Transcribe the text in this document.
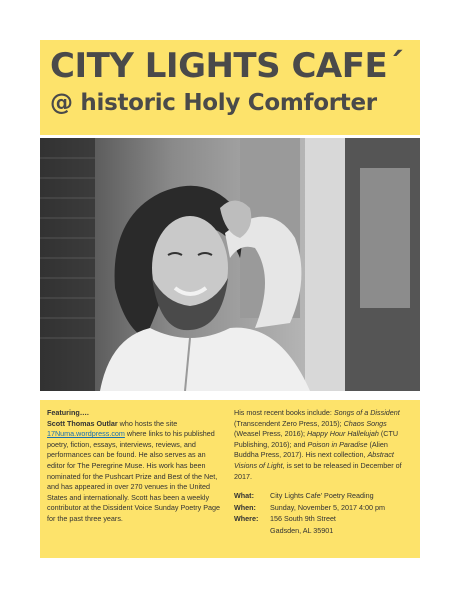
CITY LIGHTS CAFE´
@ historic Holy Comforter
Featuring….
Scott Thomas Outlar who hosts the site 17Numa.wordpress.com where links to his published poetry, fiction, essays, interviews, reviews, and performances can be found. He also serves as an editor for The Peregrine Muse. His work has been nominated for the Pushcart Prize and Best of the Net, and has appeared in over 270 venues in the United States and internationally. Scott has been a weekly contributor at the Dissident Voice Sunday Poetry Page for the past three years.
His most recent books include: Songs of a Dissident (Transcendent Zero Press, 2015); Chaos Songs (Weasel Press, 2016); Happy Hour Hallelujah (CTU Publishing, 2016); and Poison in Paradise (Alien Buddha Press, 2017). His next collection, Abstract Visions of Light, is set to be released in December of 2017.
What:	City Lights Cafe’ Poetry Reading
When:	Sunday, November 5, 2017 4:00 pm
Where:	156 South 9th Street
Gadsden, AL 35901
